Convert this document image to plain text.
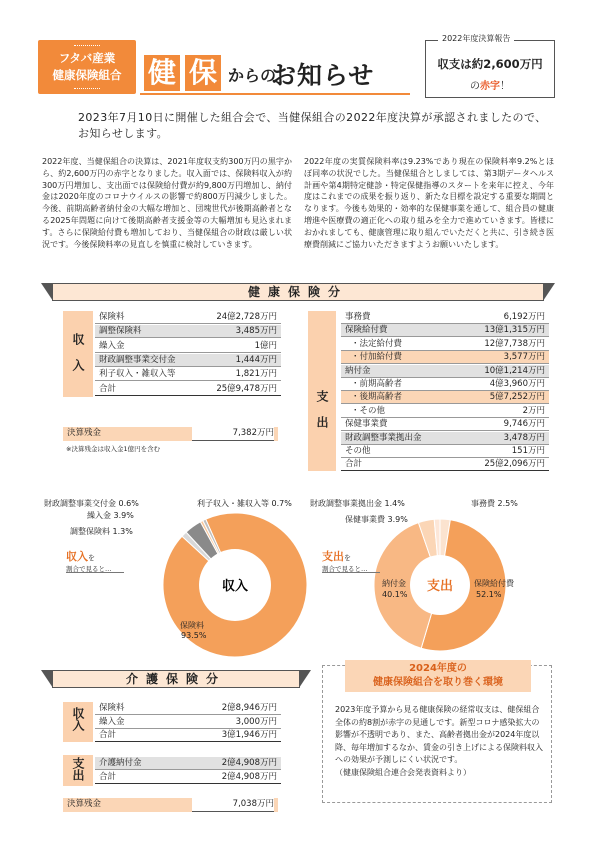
フタバ産業
健康保険組合 健 保 からの
お知らせ
2022年度決算報告
収支は約2,600万円
の赤字！
2023年7月10日に開催した組合会で、当健保組合の2022年度決算が承認されましたので、お知らせします。
2022年度、当健保組合の決算は、2021年度収支約300万円の黒字から、約2,600万円の赤字となりました。収入面では、保険料収入が約300万円増加し、支出面では保険給付費が約9,800万円増加し、納付金は2020年度のコロナウイルスの影響で約800万円減少しました。今後、前期高齢者納付金の大幅な増加と、団塊世代が後期高齢者となる2025年問題に向けて後期高齢者支援金等の大幅増加も見込まれます。さらに保険給付費も増加しており、当健保組合の財政は厳しい状況です。今後保険料率の見直しを慎重に検討していきます。
2022年度の実質保険料率は9.23%であり現在の保険料率9.2%とほぼ同率の状況でした。当健保組合としましては、第3期データヘルス計画や第4期特定健診・特定保健指導のスタートを来年に控え、今年度はこれまでの成果を振り返り、新たな目標を設定する重要な期間となります。今後も効果的・効率的な保健事業を通して、組合員の健康増進や医療費の適正化への取り組みを全力で進めていきます。皆様におかれましても、健康管理に取り組んでいただくと共に、引き続き医療費削減にご協力いただきますようお願いいたします。
健康保険分
収入
保険料	24億2,728万円
調整保険料	3,485万円
繰入金	1億円
財政調整事業交付金	1,444万円
利子収入・雑収入等	1,821万円
合計	25億9,478万円
決算残金	7,382万円
※決算残金は収入金1億円を含む
支出
事務費	6,192万円
保険給付費	13億1,315万円
・法定給付費	12億7,738万円
・付加給付費	3,577万円
納付金	10億1,214万円
・前期高齢者	4億3,960万円
・後期高齢者	5億7,252万円
・その他	2万円
保健事業費	9,746万円
財政調整事業拠出金	3,478万円
その他	151万円
合計	25億2,096万円
収入
財政調整事業交付金 0.6%
繰入金 3.9%
調整保険料 1.3%
利子収入・雑収入等 0.7%
保険料
93.5%
収入を
割合で見ると…
支出
財政調整事業拠出金 1.4%
保健事業費 3.9%
事務費 2.5%
納付金
40.1%
保険給付費
52.1%
支出を
割合で見ると…
介護保険分
収入	保険料	2億8,946万円
繰入金	3,000万円
合計	3億1,946万円
支出	介護納付金	2億4,908万円
合計	2億4,908万円
決算残金	7,038万円
2024年度の
健康保険組合を取り巻く環境
2023年度予算から見る健康保険の経常収支は、健保組合全体の約8割が赤字の見通しです。新型コロナ感染拡大の影響が不透明であり、また、高齢者拠出金が2024年度以降、毎年増加するなか、賃金の引き上げによる保険料収入への効果が予測しにくい状況です。
（健康保険組合連合会発表資料より）
